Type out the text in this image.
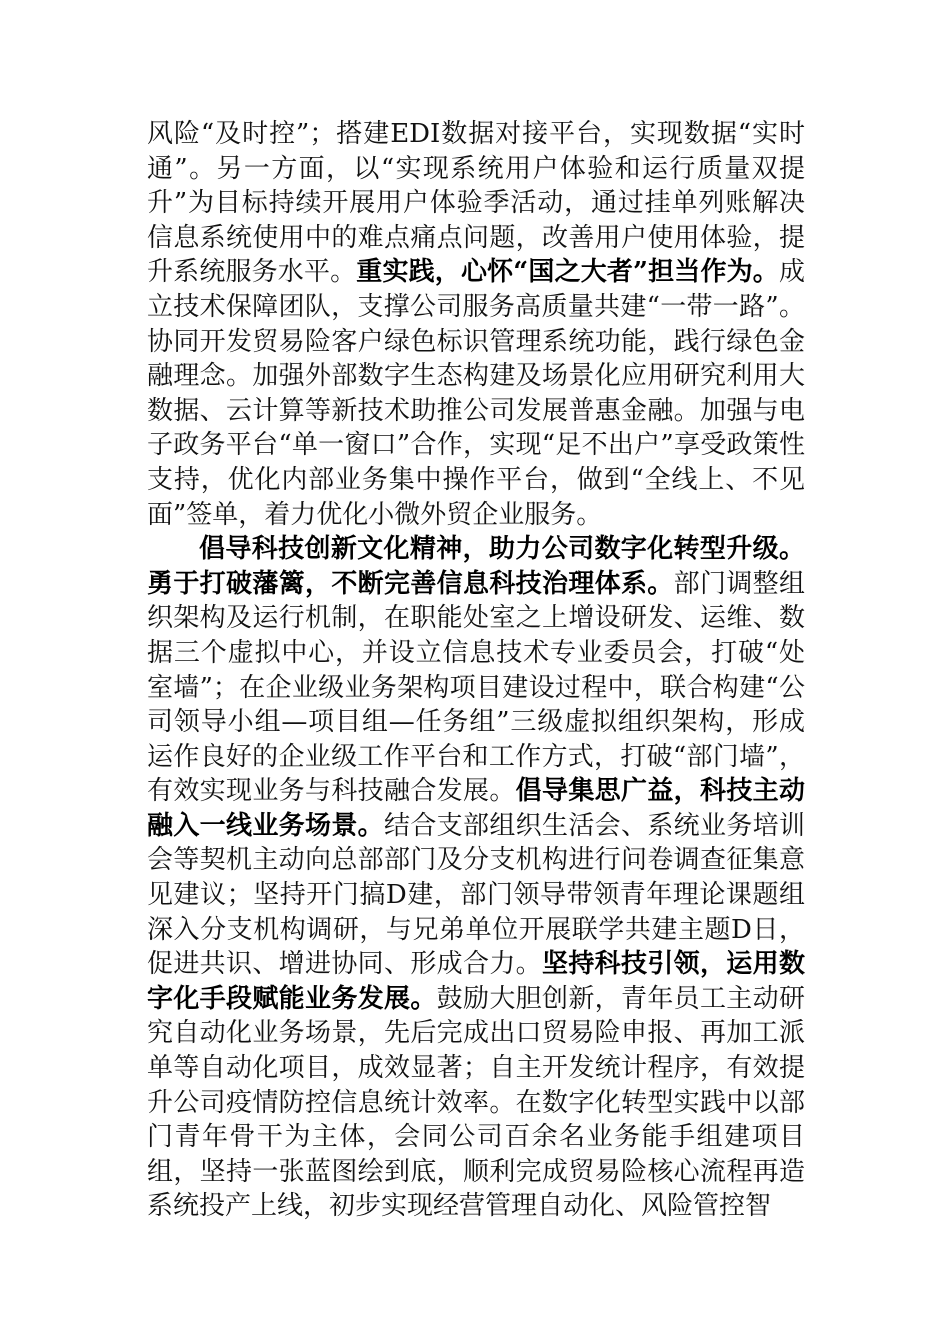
风险“及时控”；搭建EDI数据对接平台，实现数据“实时通”。另一方面，以“实现系统用户体验和运行质量双提升”为目标持续开展用户体验季活动，通过挂单列账解决信息系统使用中的难点痛点问题，改善用户使用体验，提升系统服务水平。重实践，心怀“国之大者”担当作为。成立技术保障团队，支撑公司服务高质量共建“一带一路”。协同开发贸易险客户绿色标识管理系统功能，践行绿色金融理念。加强外部数字生态构建及场景化应用研究利用大数据、云计算等新技术助推公司发展普惠金融。加强与电子政务平台“单一窗口”合作，实现“足不出户”享受政策性支持，优化内部业务集中操作平台，做到“全线上、不见面”签单，着力优化小微外贸企业服务。

倡导科技创新文化精神，助力公司数字化转型升级。勇于打破藩篱，不断完善信息科技治理体系。部门调整组织架构及运行机制，在职能处室之上增设研发、运维、数据三个虚拟中心，并设立信息技术专业委员会，打破“处室墙”；在企业级业务架构项目建设过程中，联合构建“公司领导小组—项目组—任务组”三级虚拟组织架构，形成运作良好的企业级工作平台和工作方式，打破“部门墙”，有效实现业务与科技融合发展。倡导集思广益，科技主动融入一线业务场景。结合支部组织生活会、系统业务培训会等契机主动向总部部门及分支机构进行问卷调查征集意见建议；坚持开门搞D建，部门领导带领青年理论课题组深入分支机构调研，与兄弟单位开展联学共建主题D日，促进共识、增进协同、形成合力。坚持科技引领，运用数字化手段赋能业务发展。鼓励大胆创新，青年员工主动研究自动化业务场景，先后完成出口贸易险申报、再加工派单等自动化项目，成效显著；自主开发统计程序，有效提升公司疫情防控信息统计效率。在数字化转型实践中以部门青年骨干为主体，会同公司百余名业务能手组建项目组，坚持一张蓝图绘到底，顺利完成贸易险核心流程再造系统投产上线，初步实现经营管理自动化、风险管控智
